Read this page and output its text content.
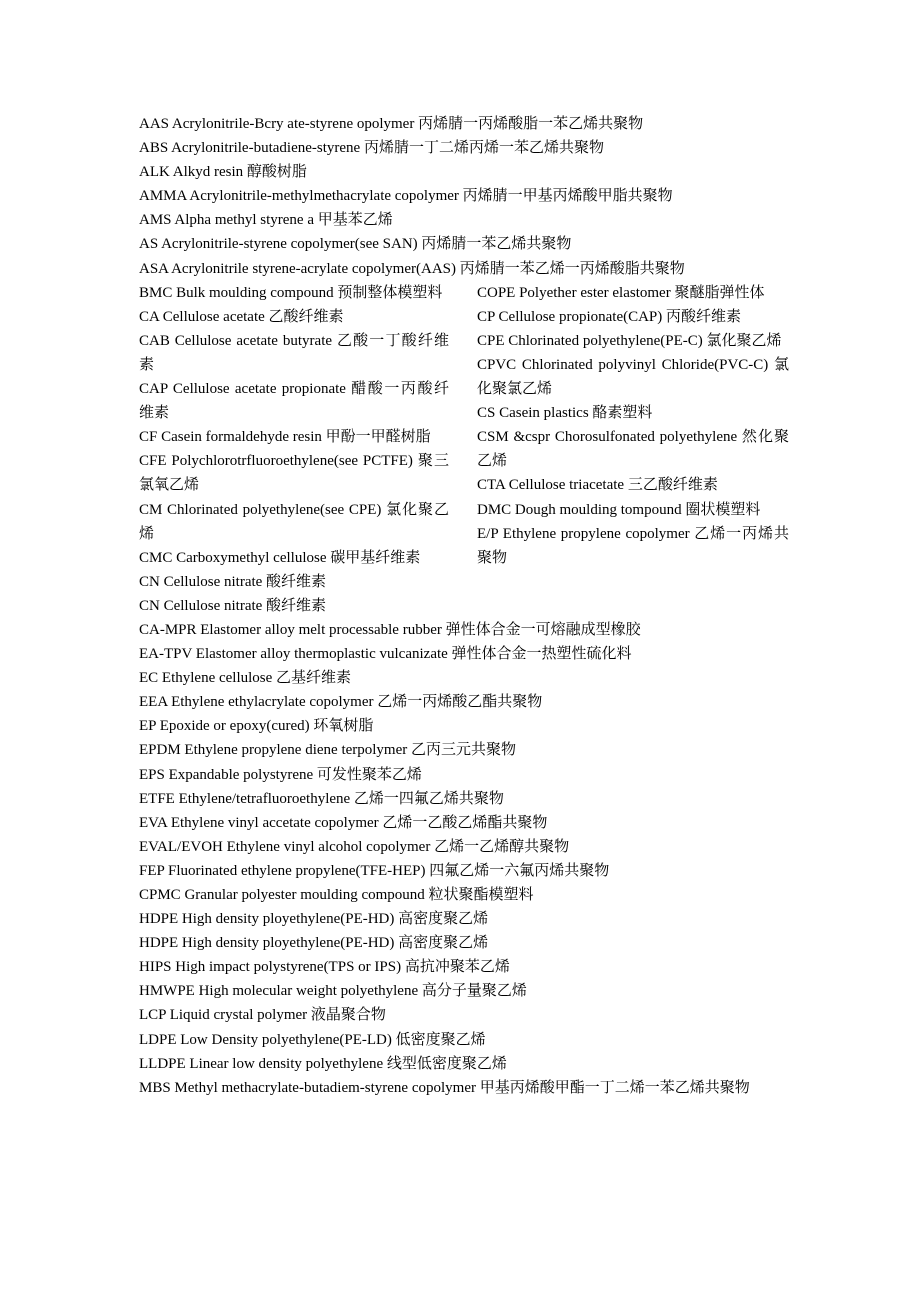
AAS Acrylonitrile-Bcry ate-styrene opolymer 丙烯腈一丙烯酸脂一苯乙烯共聚物
ABS Acrylonitrile-butadiene-styrene 丙烯腈一丁二烯丙烯一苯乙烯共聚物
ALK Alkyd resin 醇酸树脂
AMMA Acrylonitrile-methylmethacrylate copolymer 丙烯腈一甲基丙烯酸甲脂共聚物
AMS Alpha methyl styrene a 甲基苯乙烯
AS Acrylonitrile-styrene copolymer(see SAN) 丙烯腈一苯乙烯共聚物
ASA Acrylonitrile styrene-acrylate copolymer(AAS) 丙烯腈一苯乙烯一丙烯酸脂共聚物
BMC Bulk moulding compound 预制整体模塑料
CA Cellulose acetate 乙酸纤维素
CAB Cellulose acetate butyrate 乙酸一丁酸纤维素
CAP Cellulose acetate propionate 醋酸一丙酸纤维素
CF Casein formaldehyde resin 甲酚一甲醛树脂
CFE Polychlorotrfluoroethylene(see PCTFE) 聚三氯氧乙烯
CM Chlorinated polyethylene(see CPE) 氯化聚乙烯
CMC Carboxymethyl cellulose 碳甲基纤维素
CN Cellulose nitrate 酸纤维素
CN Cellulose nitrate 酸纤维素
COPE Polyether ester elastomer 聚醚脂弹性体
CP Cellulose propionate(CAP) 丙酸纤维素
CPE Chlorinated polyethylene(PE-C) 氯化聚乙烯
CPVC Chlorinated polyvinyl Chloride(PVC-C) 氯化聚氯乙烯
CS Casein plastics 酪素塑料
CSM &cspr Chorosulfonated polyethylene 然化聚乙烯
CTA Cellulose triacetate 三乙酸纤维素
DMC Dough moulding tompound 圈状模塑料
E/P Ethylene propylene copolymer 乙烯一丙烯共聚物
CA-MPR Elastomer alloy melt processable rubber 弹性体合金一可熔融成型橡胶
EA-TPV Elastomer alloy thermoplastic vulcanizate 弹性体合金一热塑性硫化料
EC Ethylene cellulose 乙基纤维素
EEA Ethylene ethylacrylate copolymer 乙烯一丙烯酸乙酯共聚物
EP Epoxide or epoxy(cured) 环氧树脂
EPDM Ethylene propylene diene terpolymer 乙丙三元共聚物
EPS Expandable polystyrene 可发性聚苯乙烯
ETFE Ethylene/tetrafluoroethylene 乙烯一四氟乙烯共聚物
EVA Ethylene vinyl accetate copolymer 乙烯一乙酸乙烯酯共聚物
EVAL/EVOH Ethylene vinyl alcohol copolymer 乙烯一乙烯醇共聚物
FEP Fluorinated ethylene propylene(TFE-HEP) 四氟乙烯一六氟丙烯共聚物
CPMC Granular polyester moulding compound 粒状聚酯模塑料
HDPE High density ployethylene(PE-HD) 高密度聚乙烯
HDPE High density ployethylene(PE-HD) 高密度聚乙烯
HIPS High impact polystyrene(TPS or IPS) 高抗冲聚苯乙烯
HMWPE High molecular weight polyethylene 高分子量聚乙烯
LCP Liquid crystal polymer 液晶聚合物
LDPE Low Density polyethylene(PE-LD) 低密度聚乙烯
LLDPE Linear low density polyethylene 线型低密度聚乙烯
MBS Methyl methacrylate-butadiem-styrene copolymer 甲基丙烯酸甲酯一丁二烯一苯乙烯共聚物
